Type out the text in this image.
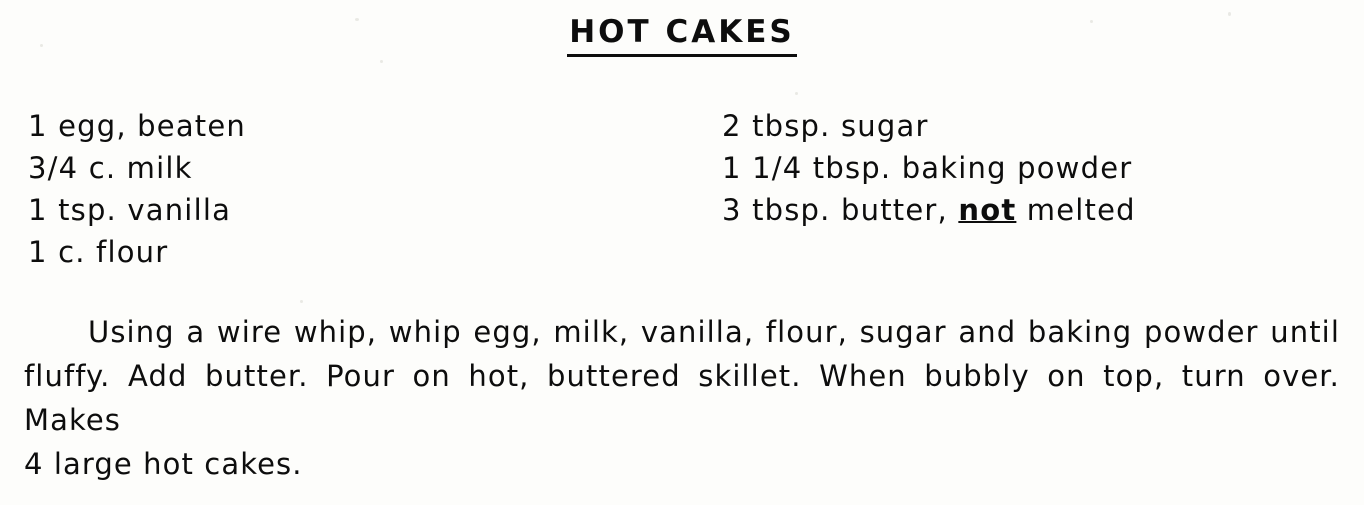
HOT CAKES
1 egg, beaten
3/4 c. milk
1 tsp. vanilla
1 c. flour
2 tbsp. sugar
1 1/4 tbsp. baking powder
3 tbsp. butter, not melted
Using a wire whip, whip egg, milk, vanilla, flour, sugar and baking powder until fluffy. Add butter. Pour on hot, buttered skillet. When bubbly on top, turn over. Makes
4 large hot cakes.
